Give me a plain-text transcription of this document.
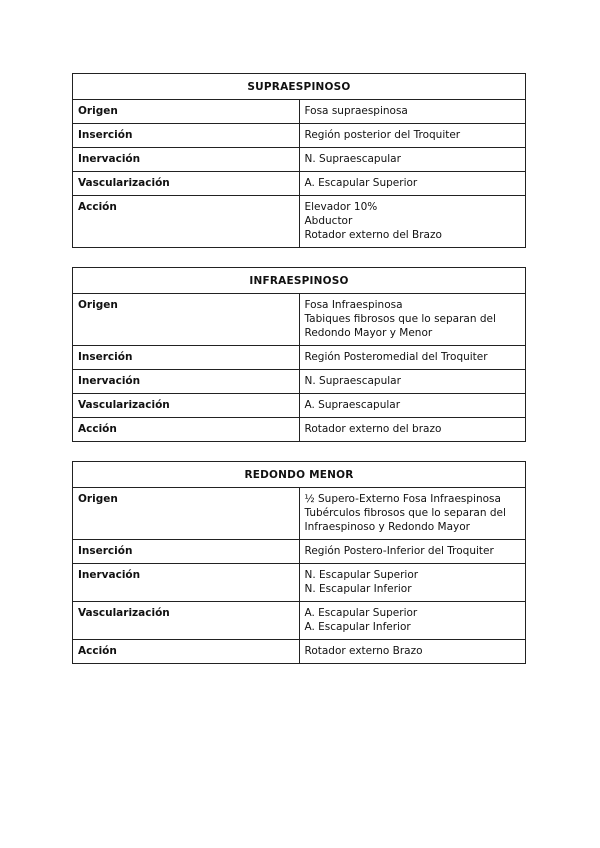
SUPRAESPINOSO	
Origen	Fosa supraespinosa

Inserción	Región posterior del Troquiter

Inervación	N. Supraescapular

Vascularización	A. Escapular Superior

Acción	Elevador 10%
Abductor
Rotador externo del Brazo
INFRAESPINOSO	
Origen	Fosa Infraespinosa
Tabiques fibrosos que lo separan del Redondo Mayor y Menor

Inserción	Región Posteromedial del Troquiter

Inervación	N. Supraescapular

Vascularización	A. Supraescapular

Acción	Rotador externo del brazo
REDONDO MENOR	
Origen	½ Supero-Externo Fosa Infraespinosa
Tubérculos fibrosos que lo separan del Infraespinoso y Redondo Mayor

Inserción	Región Postero-Inferior del Troquiter

Inervación	N. Escapular Superior
N. Escapular Inferior

Vascularización	A. Escapular Superior
A. Escapular Inferior

Acción	Rotador externo Brazo
